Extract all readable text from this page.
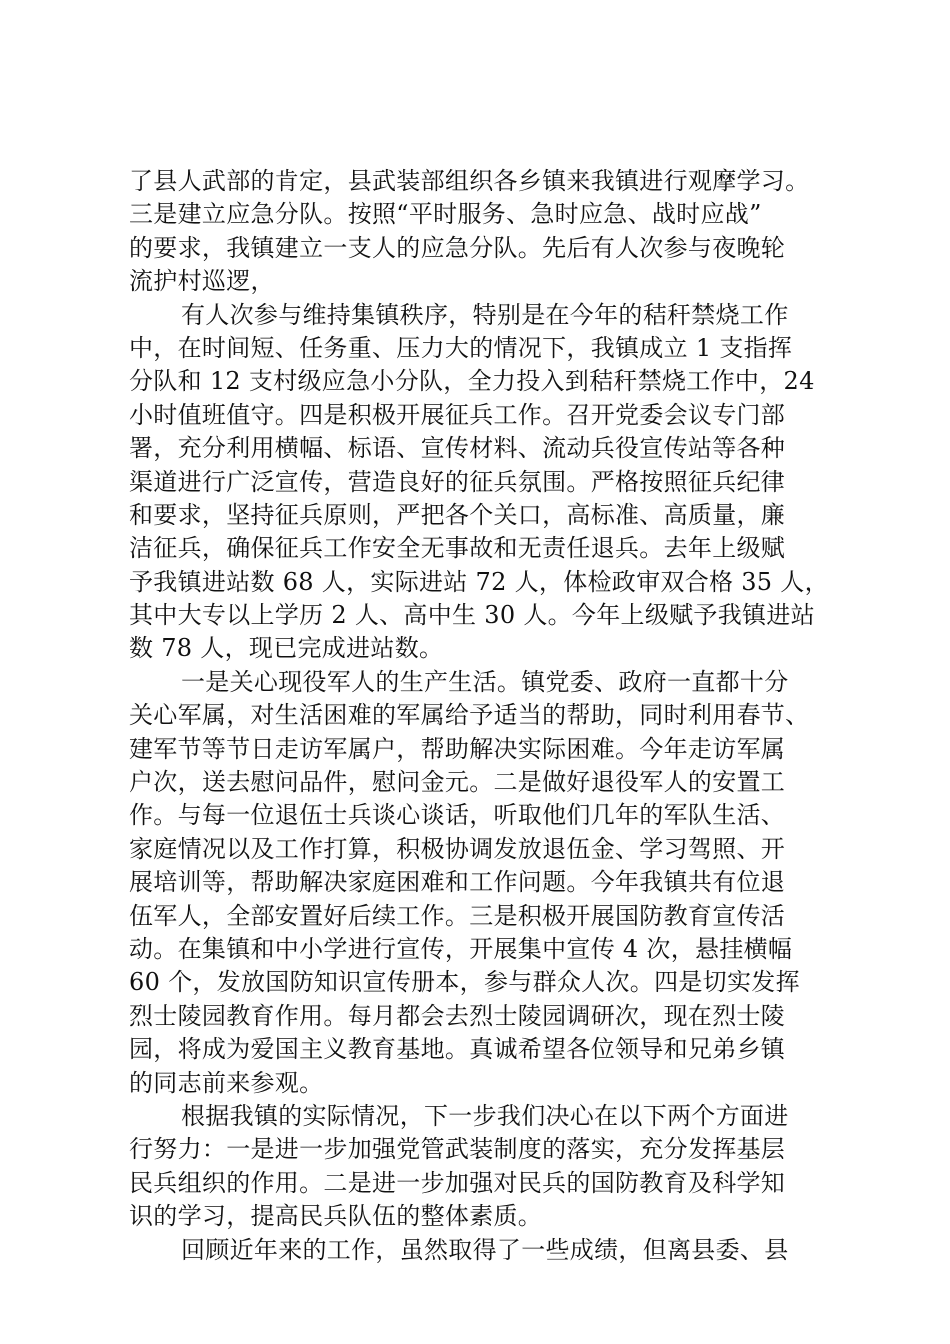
了县人武部的肯定，县武装部组织各乡镇来我镇进行观摩学习。
三是建立应急分队。按照“平时服务、急时应急、战时应战”
的要求，我镇建立一支人的应急分队。先后有人次参与夜晚轮
流护村巡逻，
有人次参与维持集镇秩序，特别是在今年的秸秆禁烧工作
中，在时间短、任务重、压力大的情况下，我镇成立 1 支指挥
分队和 12 支村级应急小分队，全力投入到秸秆禁烧工作中，24
小时值班值守。四是积极开展征兵工作。召开党委会议专门部
署，充分利用横幅、标语、宣传材料、流动兵役宣传站等各种
渠道进行广泛宣传，营造良好的征兵氛围。严格按照征兵纪律
和要求，坚持征兵原则，严把各个关口，高标准、高质量，廉
洁征兵，确保征兵工作安全无事故和无责任退兵。去年上级赋
予我镇进站数 68 人，实际进站 72 人，体检政审双合格 35 人，
其中大专以上学历 2 人、高中生 30 人。今年上级赋予我镇进站
数 78 人，现已完成进站数。
一是关心现役军人的生产生活。镇党委、政府一直都十分
关心军属，对生活困难的军属给予适当的帮助，同时利用春节、
建军节等节日走访军属户，帮助解决实际困难。今年走访军属
户次，送去慰问品件，慰问金元。二是做好退役军人的安置工
作。与每一位退伍士兵谈心谈话，听取他们几年的军队生活、
家庭情况以及工作打算，积极协调发放退伍金、学习驾照、开
展培训等，帮助解决家庭困难和工作问题。今年我镇共有位退
伍军人，全部安置好后续工作。三是积极开展国防教育宣传活
动。在集镇和中小学进行宣传，开展集中宣传 4 次，悬挂横幅
60 个，发放国防知识宣传册本，参与群众人次。四是切实发挥
烈士陵园教育作用。每月都会去烈士陵园调研次，现在烈士陵
园，将成为爱国主义教育基地。真诚希望各位领导和兄弟乡镇
的同志前来参观。
根据我镇的实际情况，下一步我们决心在以下两个方面进
行努力：一是进一步加强党管武装制度的落实，充分发挥基层
民兵组织的作用。二是进一步加强对民兵的国防教育及科学知
识的学习，提高民兵队伍的整体素质。
回顾近年来的工作，虽然取得了一些成绩，但离县委、县
